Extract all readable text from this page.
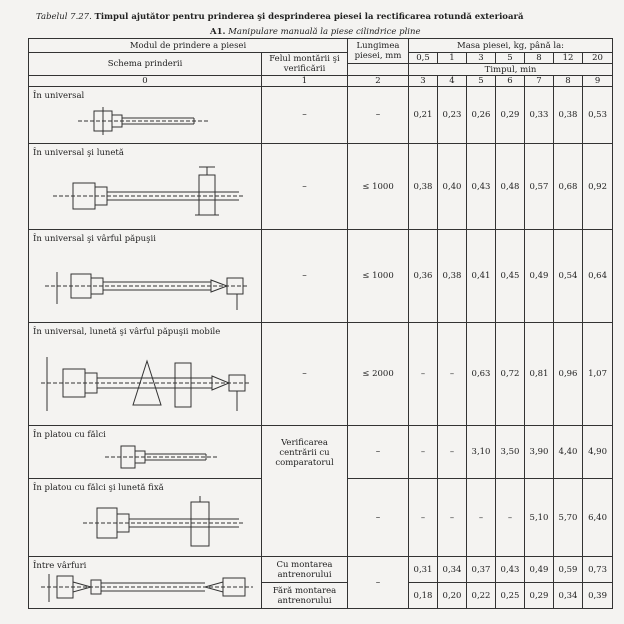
Tabelul 7.27. Timpul ajutător pentru prinderea şi desprinderea piesei la rectificarea rotundă exterioară
A1. Manipulare manuală la piese cilindrice pline
Modul de prindere a piesei		Lungimea piesei, mm	Masa piesei, kg, până la:						
Schema prinderii	Felul montării şi verificării		0,5	1	3	5	8	12	20
			Timpul, min						
0	1	2	3	4	5	6	7	8	9

În universal	–	–	0,21	0,23	0,26	0,29	0,33	0,38	0,53

În universal şi lunetă	–	≤ 1000	0,38	0,40	0,43	0,48	0,57	0,68	0,92

În universal şi vârful păpuşii	–	≤ 1000	0,36	0,38	0,41	0,45	0,49	0,54	0,64

În universal, lunetă şi vârful păpuşii mobile	–	≤ 2000	–	–	0,63	0,72	0,81	0,96	1,07

În platou cu fălci	Verificarea centrării cu comparatorul	–	–	–	3,10	3,50	3,90	4,40	4,90

În platou cu fălci şi lunetă fixă		–	–	–	–	–	5,10	5,70	6,40

Între vârfuri	Cu montarea antrenorului	–	0,31	0,34	0,37	0,43	0,49	0,59	0,73
	Fără montarea antrenorului		0,18	0,20	0,22	0,25	0,29	0,34	0,39
